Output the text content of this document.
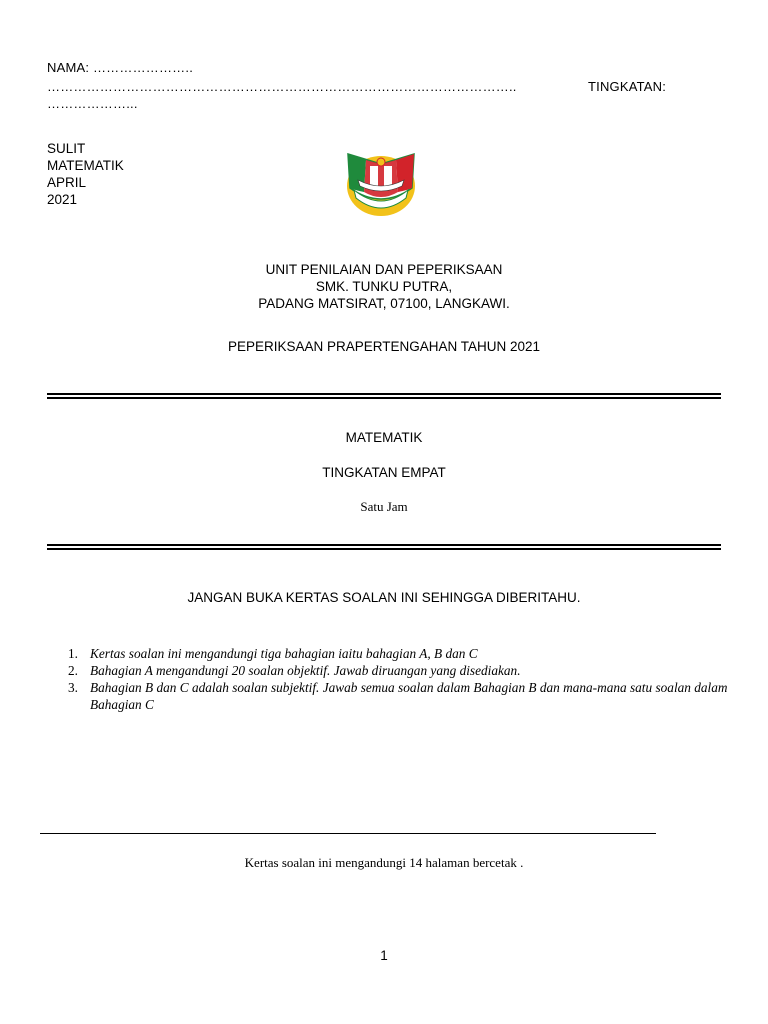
NAMA: …………………..
……………………………………………………………………………………………..	TINGKATAN:
………………...
SULIT
MATEMATIK
APRIL
2021
UNIT PENILAIAN DAN PEPERIKSAAN
SMK. TUNKU PUTRA,
PADANG MATSIRAT, 07100, LANGKAWI.
PEPERIKSAAN PRAPERTENGAHAN TAHUN 2021
MATEMATIK
TINGKATAN EMPAT
Satu Jam
JANGAN BUKA KERTAS SOALAN INI SEHINGGA DIBERITAHU.
1. Kertas soalan ini mengandungi tiga bahagian iaitu bahagian A, B dan C
2. Bahagian A mengandungi 20 soalan objektif. Jawab diruangan yang disediakan.
3. Bahagian B dan C adalah soalan subjektif. Jawab semua soalan dalam Bahagian B dan mana-mana satu soalan dalam Bahagian C
Kertas soalan ini mengandungi 14 halaman bercetak .
1
